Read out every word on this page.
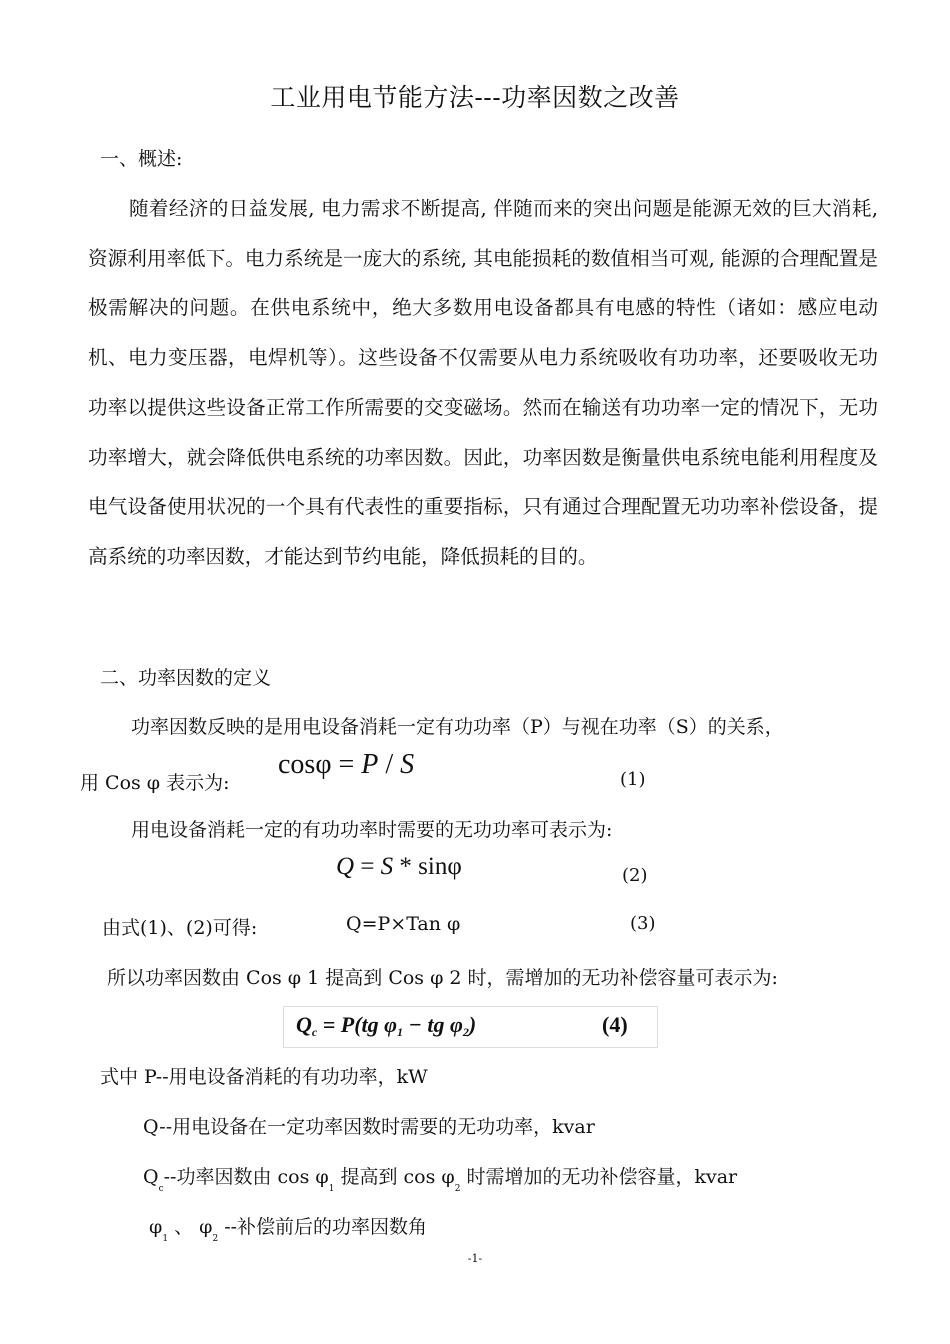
工业用电节能方法---功率因数之改善
一、概述:
随着经济的日益发展, 电力需求不断提高, 伴随而来的突出问题是能源无效的巨大消耗, 资源利用率低下。电力系统是一庞大的系统, 其电能损耗的数值相当可观, 能源的合理配置是极需解决的问题。在供电系统中，绝大多数用电设备都具有电感的特性（诸如：感应电动机、电力变压器，电焊机等）。这些设备不仅需要从电力系统吸收有功功率，还要吸收无功功率以提供这些设备正常工作所需要的交变磁场。然而在输送有功功率一定的情况下，无功功率增大，就会降低供电系统的功率因数。因此，功率因数是衡量供电系统电能利用程度及电气设备使用状况的一个具有代表性的重要指标，只有通过合理配置无功功率补偿设备，提高系统的功率因数，才能达到节约电能，降低损耗的目的。
二、功率因数的定义
功率因数反映的是用电设备消耗一定有功功率（P）与视在功率（S）的关系，
用 Cos φ 表示为:
cosφ = P / S	(1)
用电设备消耗一定的有功功率时需要的无功功率可表示为:
Q = S * sinφ	(2)
由式(1)、(2)可得:	Q=P×Tan φ	(3)
所以功率因数由 Cos φ 1 提高到 Cos φ 2 时，需增加的无功补偿容量可表示为:
$Q_c = P(tg$ $\varphi_1$ − tg $\varphi_2$)	(4)
式中 P--用电设备消耗的有功功率，kW
Q--用电设备在一定功率因数时需要的无功功率，kvar
$Q_c--$功率因数由 $\cos \varphi_1$ 提高到 $\cos \varphi_2$ 时需增加的无功补偿容量，kvar
$\varphi_1$ 、 $\varphi_2$ --补偿前后的功率因数角
-1-
